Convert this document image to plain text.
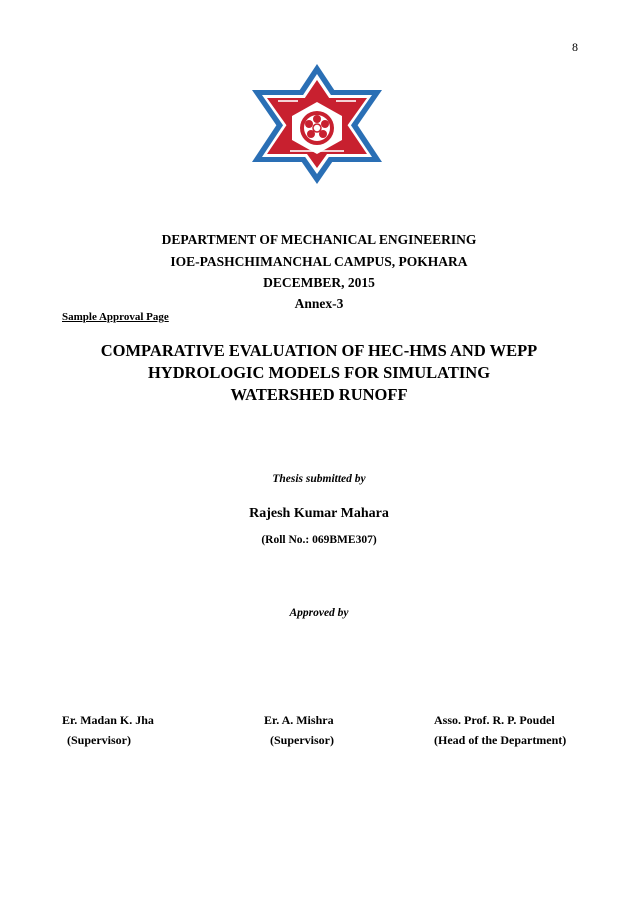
8
DEPARTMENT OF MECHANICAL ENGINEERING
IOE-PASHCHIMANCHAL CAMPUS, POKHARA
DECEMBER, 2015
Annex-3
Sample Approval Page
COMPARATIVE EVALUATION OF HEC-HMS AND WEPP
HYDROLOGIC MODELS FOR SIMULATING
WATERSHED RUNOFF
Thesis submitted by
Rajesh Kumar Mahara
(Roll No.: 069BME307)
Approved by
Er. Madan K. Jha
(Supervisor)
Er. A. Mishra
(Supervisor)
Asso. Prof. R. P. Poudel
(Head of the Department)
